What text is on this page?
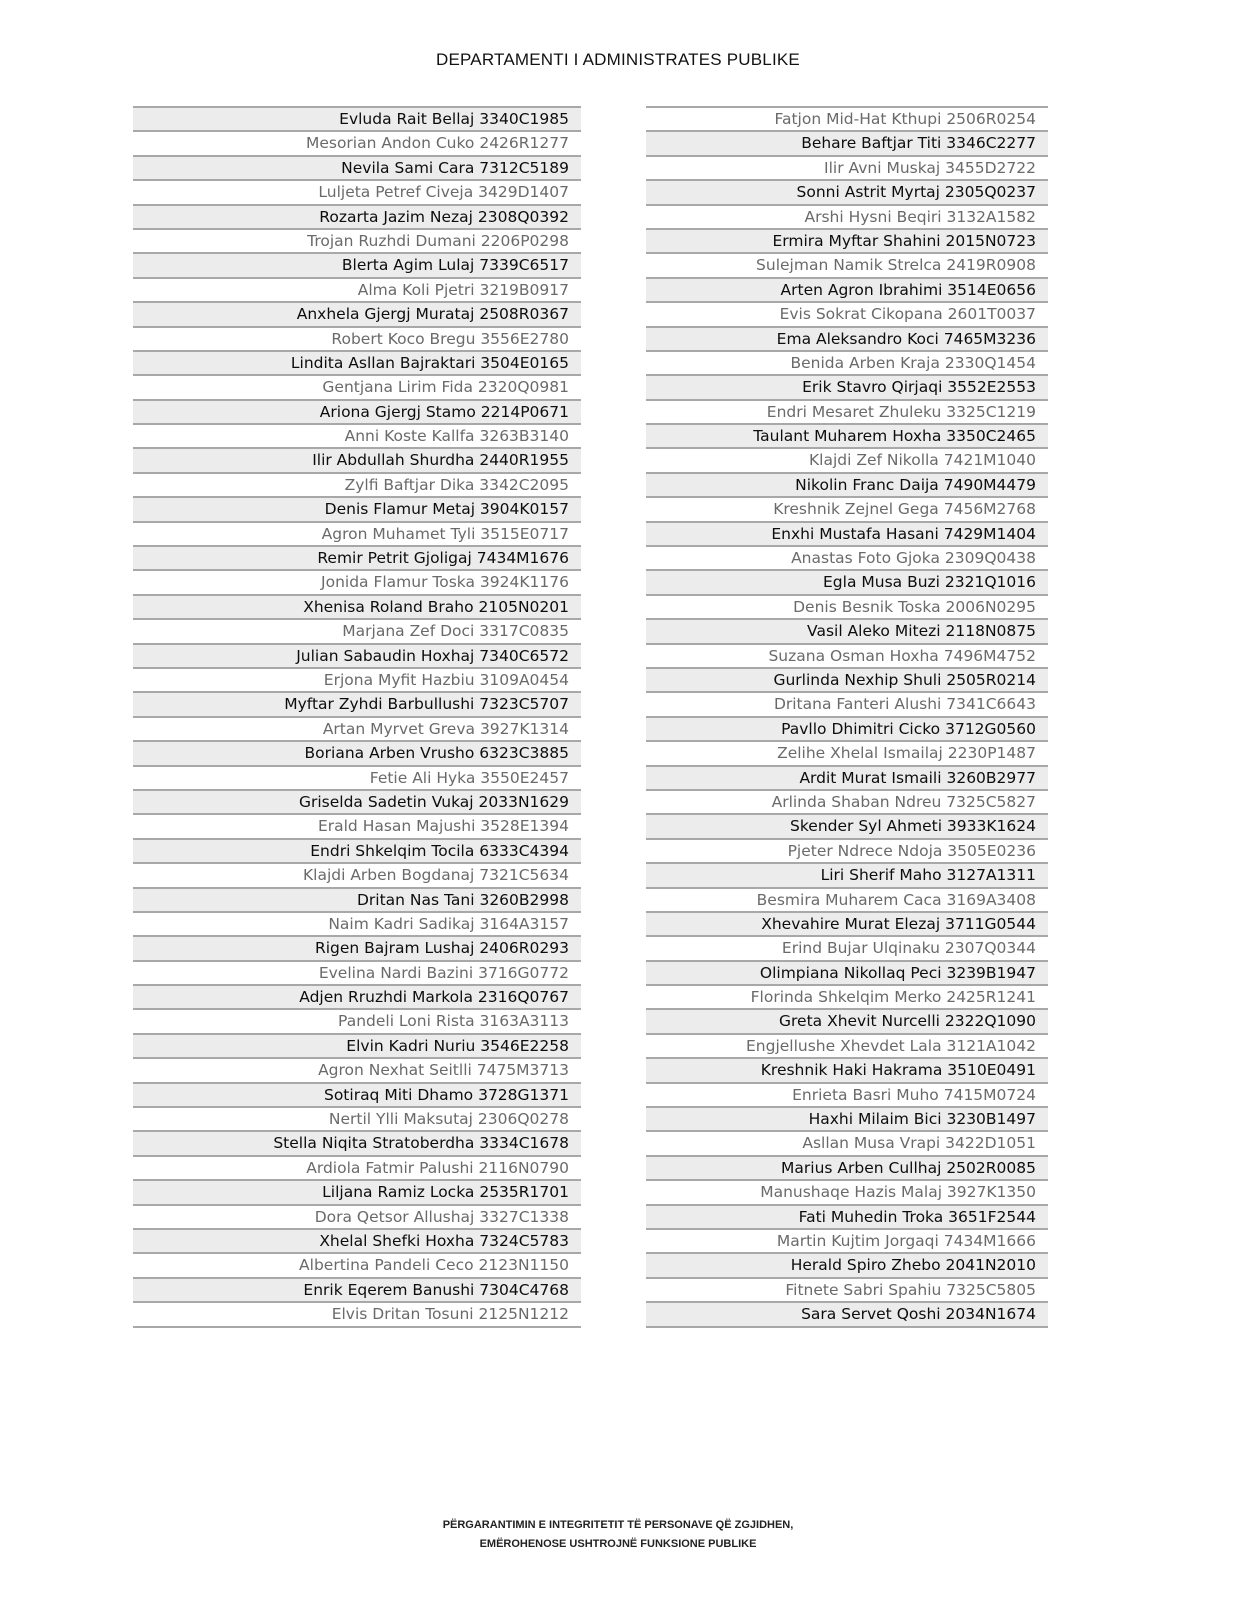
DEPARTAMENTI I ADMINISTRATES PUBLIKE
Evluda Rait Bellaj 3340C1985
Mesorian Andon Cuko 2426R1277
Nevila Sami Cara 7312C5189
Luljeta Petref Civeja 3429D1407
Rozarta Jazim Nezaj 2308Q0392
Trojan Ruzhdi Dumani 2206P0298
Blerta Agim Lulaj 7339C6517
Alma Koli Pjetri 3219B0917
Anxhela Gjergj Murataj 2508R0367
Robert Koco Bregu 3556E2780
Lindita Asllan Bajraktari 3504E0165
Gentjana Lirim Fida 2320Q0981
Ariona Gjergj Stamo 2214P0671
Anni Koste Kallfa 3263B3140
Ilir Abdullah Shurdha 2440R1955
Zylfi Baftjar Dika 3342C2095
Denis Flamur Metaj 3904K0157
Agron Muhamet Tyli 3515E0717
Remir Petrit Gjoligaj 7434M1676
Jonida Flamur Toska 3924K1176
Xhenisa Roland Braho 2105N0201
Marjana Zef Doci 3317C0835
Julian Sabaudin Hoxhaj 7340C6572
Erjona Myfit Hazbiu 3109A0454
Myftar Zyhdi Barbullushi 7323C5707
Artan Myrvet Greva 3927K1314
Boriana Arben Vrusho 6323C3885
Fetie Ali Hyka 3550E2457
Griselda Sadetin Vukaj 2033N1629
Erald Hasan Majushi 3528E1394
Endri Shkelqim Tocila 6333C4394
Klajdi Arben Bogdanaj 7321C5634
Dritan Nas Tani 3260B2998
Naim Kadri Sadikaj 3164A3157
Rigen Bajram Lushaj 2406R0293
Evelina Nardi Bazini 3716G0772
Adjen Rruzhdi Markola 2316Q0767
Pandeli Loni Rista 3163A3113
Elvin Kadri Nuriu 3546E2258
Agron Nexhat Seitlli 7475M3713
Sotiraq Miti Dhamo 3728G1371
Nertil Ylli Maksutaj 2306Q0278
Stella Niqita Stratoberdha 3334C1678
Ardiola Fatmir Palushi 2116N0790
Liljana Ramiz Locka 2535R1701
Dora Qetsor Allushaj 3327C1338
Xhelal Shefki Hoxha 7324C5783
Albertina Pandeli Ceco 2123N1150
Enrik Eqerem Banushi 7304C4768
Elvis Dritan Tosuni 2125N1212
Fatjon Mid-Hat Kthupi 2506R0254
Behare Baftjar Titi 3346C2277
Ilir Avni Muskaj 3455D2722
Sonni Astrit Myrtaj 2305Q0237
Arshi Hysni Beqiri 3132A1582
Ermira Myftar Shahini 2015N0723
Sulejman Namik Strelca 2419R0908
Arten Agron Ibrahimi 3514E0656
Evis Sokrat Cikopana 2601T0037
Ema Aleksandro Koci 7465M3236
Benida Arben Kraja 2330Q1454
Erik Stavro Qirjaqi 3552E2553
Endri Mesaret Zhuleku 3325C1219
Taulant Muharem Hoxha 3350C2465
Klajdi Zef Nikolla 7421M1040
Nikolin Franc Daija 7490M4479
Kreshnik Zejnel Gega 7456M2768
Enxhi Mustafa Hasani 7429M1404
Anastas Foto Gjoka 2309Q0438
Egla Musa Buzi 2321Q1016
Denis Besnik Toska 2006N0295
Vasil Aleko Mitezi 2118N0875
Suzana Osman Hoxha 7496M4752
Gurlinda Nexhip Shuli 2505R0214
Dritana Fanteri Alushi 7341C6643
Pavllo Dhimitri Cicko 3712G0560
Zelihe Xhelal Ismailaj 2230P1487
Ardit Murat Ismaili 3260B2977
Arlinda Shaban Ndreu 7325C5827
Skender Syl Ahmeti 3933K1624
Pjeter Ndrece Ndoja 3505E0236
Liri Sherif Maho 3127A1311
Besmira Muharem Caca 3169A3408
Xhevahire Murat Elezaj 3711G0544
Erind Bujar Ulqinaku 2307Q0344
Olimpiana Nikollaq Peci 3239B1947
Florinda Shkelqim Merko 2425R1241
Greta Xhevit Nurcelli 2322Q1090
Engjellushe Xhevdet Lala 3121A1042
Kreshnik Haki Hakrama 3510E0491
Enrieta Basri Muho 7415M0724
Haxhi Milaim Bici 3230B1497
Asllan Musa Vrapi 3422D1051
Marius Arben Cullhaj 2502R0085
Manushaqe Hazis Malaj 3927K1350
Fati Muhedin Troka 3651F2544
Martin Kujtim Jorgaqi 7434M1666
Herald Spiro Zhebo 2041N2010
Fitnete Sabri Spahiu 7325C5805
Sara Servet Qoshi 2034N1674
PËRGARANTIMIN E INTEGRITETIT TË PERSONAVE QË ZGJIDHEN,
EMËROHENOSE USHTROJNË FUNKSIONE PUBLIKE
